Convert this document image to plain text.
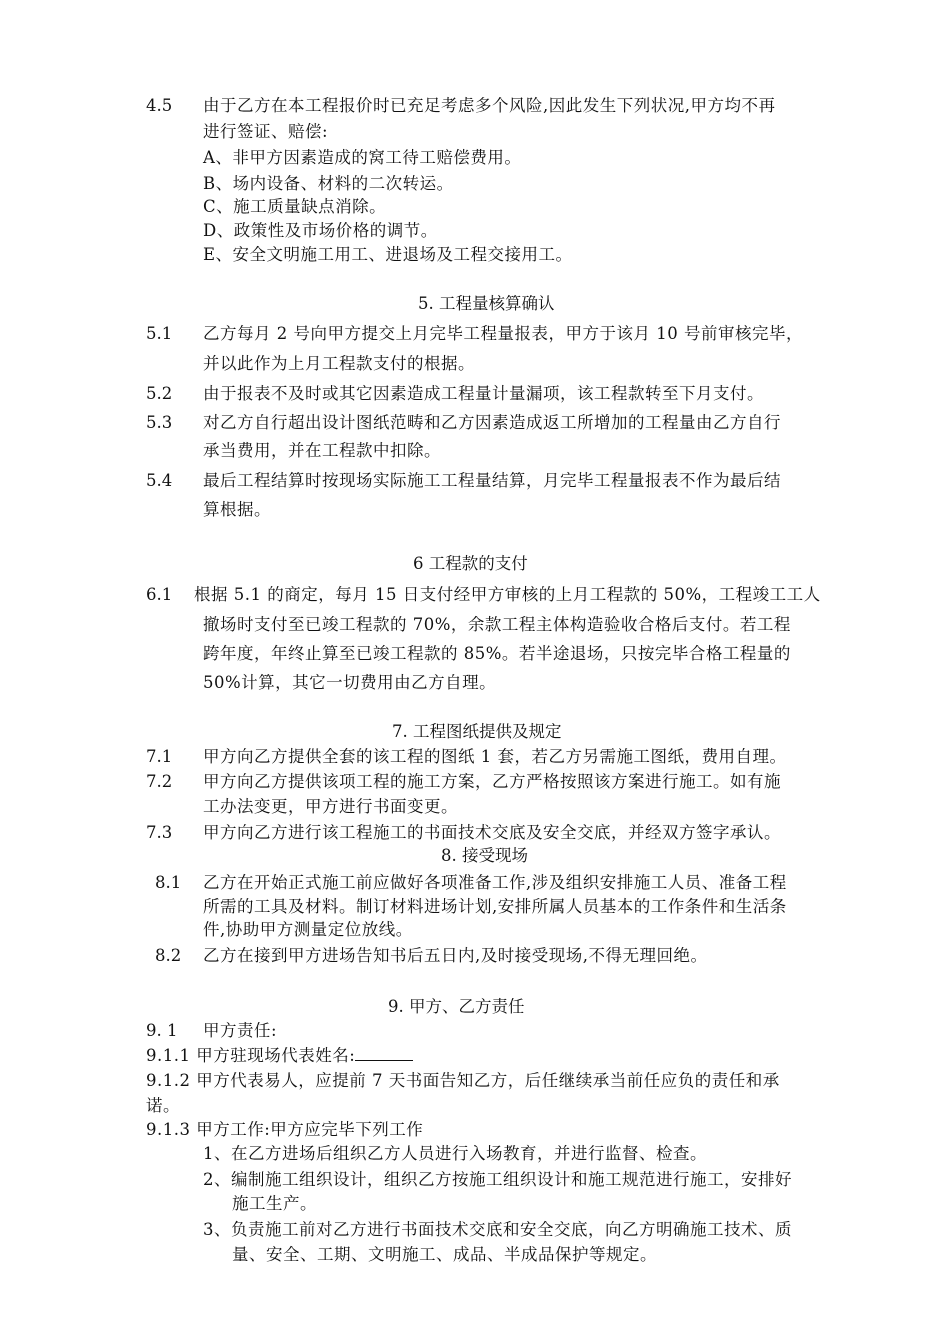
4.5 由于乙方在本工程报价时已充足考虑多个风险,因此发生下列状况,甲方均不再
进行签证、赔偿:
A、非甲方因素造成的窝工待工赔偿费用。
B、场内设备、材料的二次转运。
C、施工质量缺点消除。
D、政策性及市场价格的调节。
E、安全文明施工用工、进退场及工程交接用工。
5. 工程量核算确认
5.1 乙方每月 2 号向甲方提交上月完毕工程量报表，甲方于该月 10 号前审核完毕，
并以此作为上月工程款支付的根据。
5.2 由于报表不及时或其它因素造成工程量计量漏项，该工程款转至下月支付。
5.3 对乙方自行超出设计图纸范畴和乙方因素造成返工所增加的工程量由乙方自行
承当费用，并在工程款中扣除。
5.4 最后工程结算时按现场实际施工工程量结算，月完毕工程量报表不作为最后结
算根据。
6 工程款的支付
6.1 根据 5.1 的商定，每月 15 日支付经甲方审核的上月工程款的 50%，工程竣工工人
撤场时支付至已竣工程款的 70%，余款工程主体构造验收合格后支付。若工程
跨年度，年终止算至已竣工程款的 85%。若半途退场，只按完毕合格工程量的
50%计算，其它一切费用由乙方自理。
7. 工程图纸提供及规定
7.1 甲方向乙方提供全套的该工程的图纸 1 套，若乙方另需施工图纸，费用自理。
7.2 甲方向乙方提供该项工程的施工方案，乙方严格按照该方案进行施工。如有施
工办法变更，甲方进行书面变更。
7.3 甲方向乙方进行该工程施工的书面技术交底及安全交底，并经双方签字承认。
8. 接受现场
8.1 乙方在开始正式施工前应做好各项准备工作,涉及组织安排施工人员、准备工程
所需的工具及材料。制订材料进场计划,安排所属人员基本的工作条件和生活条
件,协助甲方测量定位放线。
8.2 乙方在接到甲方进场告知书后五日内,及时接受现场,不得无理回绝。
9. 甲方、乙方责任
9. 1 甲方责任:
9.1.1 甲方驻现场代表姓名:
9.1.2 甲方代表易人，应提前 7 天书面告知乙方，后任继续承当前任应负的责任和承
诺。
9.1.3 甲方工作:甲方应完毕下列工作
1、在乙方进场后组织乙方人员进行入场教育，并进行监督、检查。
2、编制施工组织设计，组织乙方按施工组织设计和施工规范进行施工，安排好
施工生产。
3、负责施工前对乙方进行书面技术交底和安全交底，向乙方明确施工技术、质
量、安全、工期、文明施工、成品、半成品保护等规定。
